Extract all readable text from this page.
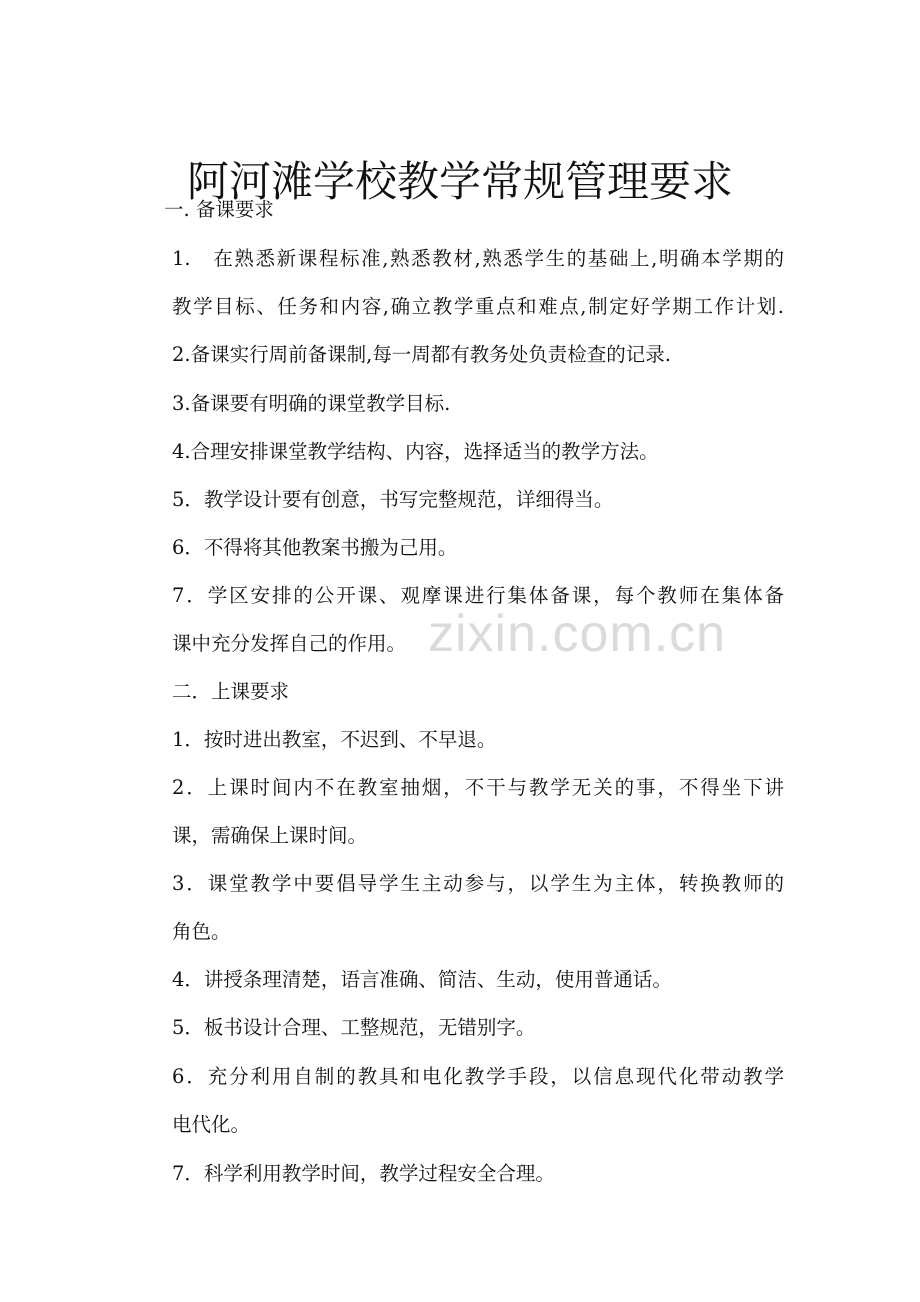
阿河滩学校教学常规管理要求
一. 备课要求
1.　在熟悉新课程标准,熟悉教材,熟悉学生的基础上,明确本学期的
教学目标、任务和内容,确立教学重点和难点,制定好学期工作计划.
2.备课实行周前备课制,每一周都有教务处负责检查的记录.
3.备课要有明确的课堂教学目标.
4.合理安排课堂教学结构、内容，选择适当的教学方法。
5．教学设计要有创意，书写完整规范，详细得当。
6．不得将其他教案书搬为己用。
7．学区安排的公开课、观摩课进行集体备课，每个教师在集体备
课中充分发挥自己的作用。
二．上课要求
1．按时进出教室，不迟到、不早退。
2．上课时间内不在教室抽烟，不干与教学无关的事，不得坐下讲
课，需确保上课时间。
3．课堂教学中要倡导学生主动参与，以学生为主体，转换教师的
角色。
4．讲授条理清楚，语言准确、简洁、生动，使用普通话。
5．板书设计合理、工整规范，无错别字。
6．充分利用自制的教具和电化教学手段，以信息现代化带动教学
电代化。
7．科学利用教学时间，教学过程安全合理。
zixin.com.cn
